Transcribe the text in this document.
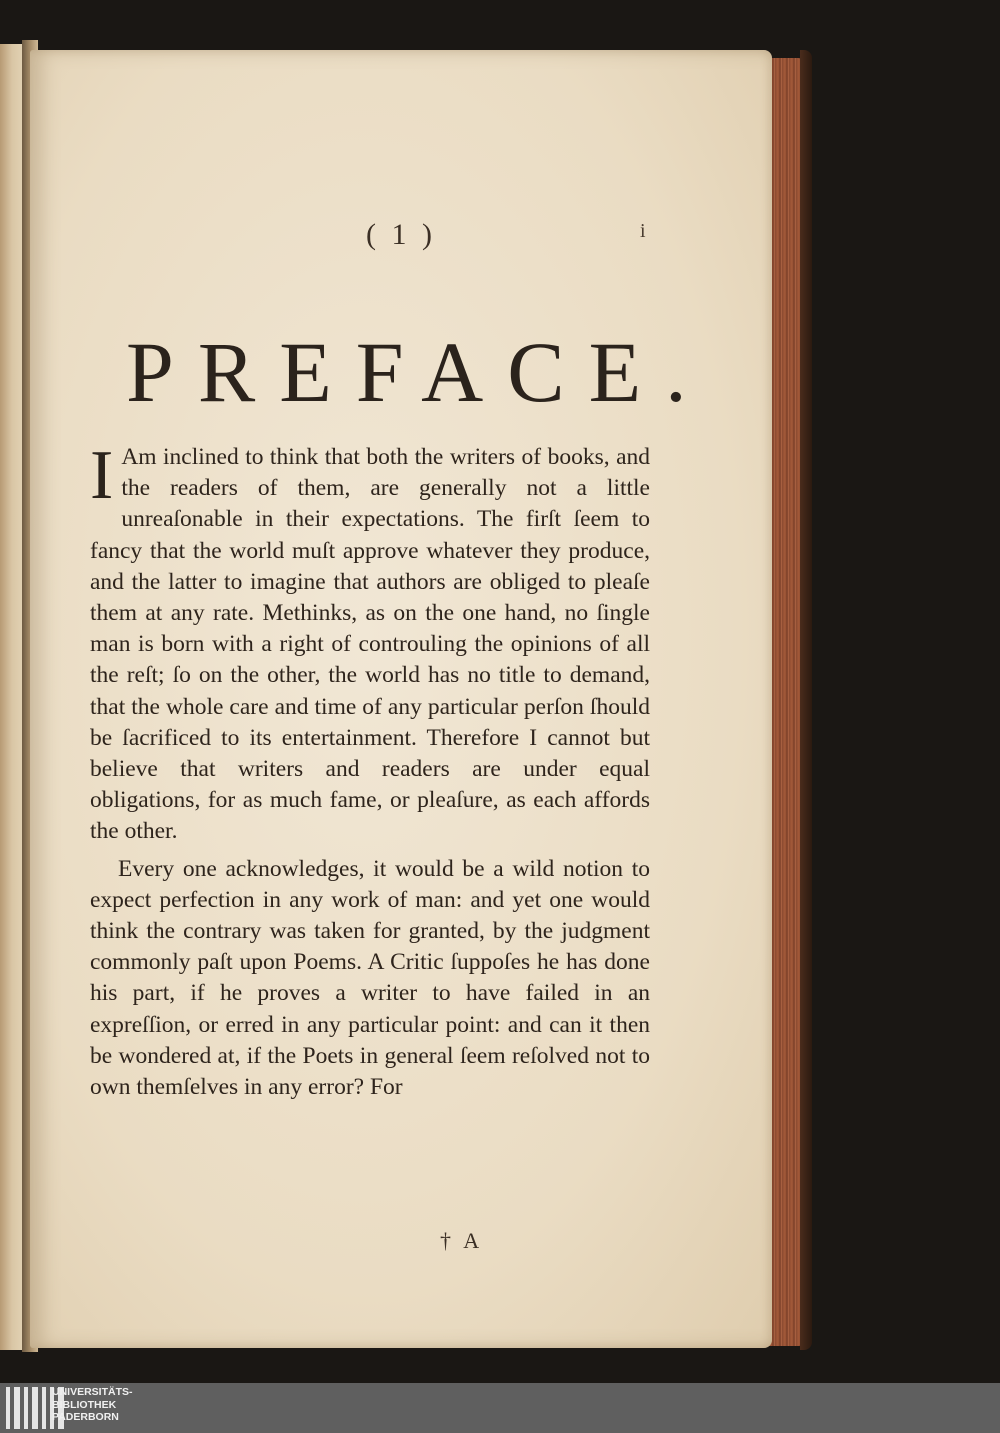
( 1 )	i
PREFACE.

I Am inclined to think that both the writers of books, and the readers of them, are generally not a little unreaſonable in their expectations. The firſt ſeem to fancy that the world muſt approve whatever they produce, and the latter to imagine that authors are obliged to pleaſe them at any rate. Methinks, as on the one hand, no ſingle man is born with a right of controuling the opinions of all the reſt; ſo on the other, the world has no title to demand, that the whole care and time of any particular perſon ſhould be ſacrificed to its entertainment. Therefore I cannot but believe that writers and readers are under equal obligations, for as much fame, or pleaſure, as each affords the other.

Every one acknowledges, it would be a wild notion to expect perfection in any work of man: and yet one would think the contrary was taken for granted, by the judgment commonly paſt upon Poems. A Critic ſuppoſes he has done his part, if he proves a writer to have failed in an expreſſion, or erred in any particular point: and can it then be wondered at, if the Poets in general ſeem reſolved not to own themſelves in any error? For

† A
UNIVERSITÄTS-
BIBLIOTHEK
PADERBORN
